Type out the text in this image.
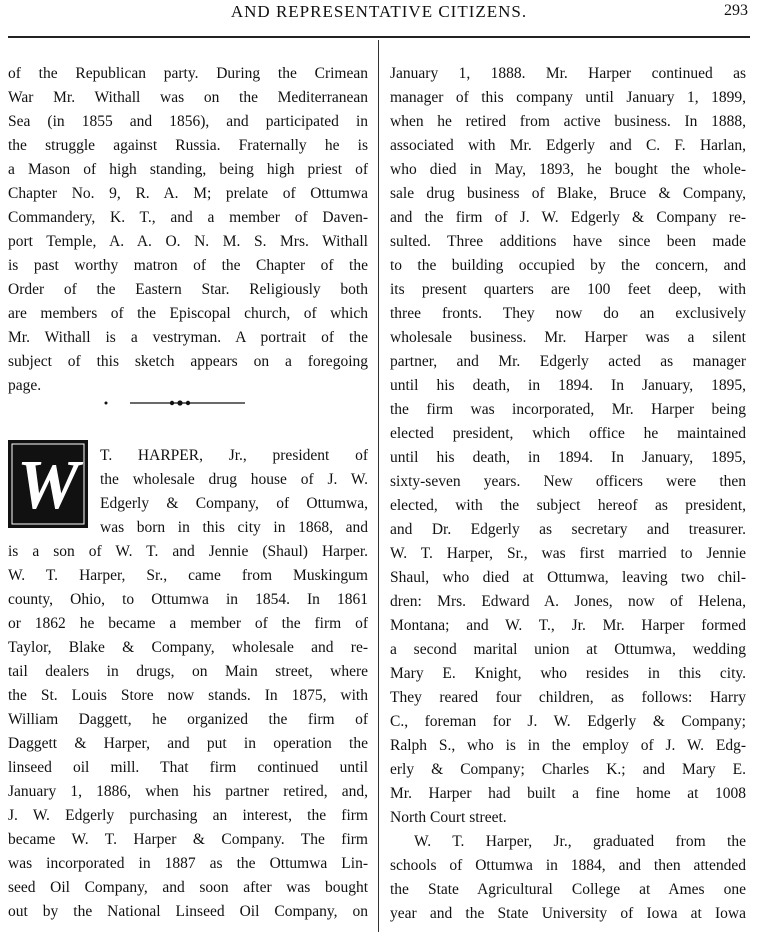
AND REPRESENTATIVE CITIZENS.	293
of the Republican party. During the Crimean
War Mr. Withall was on the Mediterranean
Sea (in 1855 and 1856), and participated in
the struggle against Russia. Fraternally he is
a Mason of high standing, being high priest of
Chapter No. 9, R. A. M; prelate of Ottumwa
Commandery, K. T., and a member of Daven-
port Temple, A. A. O. N. M. S. Mrs. Withall
is past worthy matron of the Chapter of the
Order of the Eastern Star. Religiously both
are members of the Episcopal church, of which
Mr. Withall is a vestryman. A portrait of the
subject of this sketch appears on a foregoing
page.
W	T. HARPER, Jr., president of
the wholesale drug house of J. W.
Edgerly & Company, of Ottumwa,
was born in this city in 1868, and
is a son of W. T. and Jennie (Shaul) Harper.
W. T. Harper, Sr., came from Muskingum
county, Ohio, to Ottumwa in 1854. In 1861
or 1862 he became a member of the firm of
Taylor, Blake & Company, wholesale and re-
tail dealers in drugs, on Main street, where
the St. Louis Store now stands. In 1875, with
William Daggett, he organized the firm of
Daggett & Harper, and put in operation the
linseed oil mill. That firm continued until
January 1, 1886, when his partner retired, and,
J. W. Edgerly purchasing an interest, the firm
became W. T. Harper & Company. The firm
was incorporated in 1887 as the Ottumwa Lin-
seed Oil Company, and soon after was bought
out by the National Linseed Oil Company, on
January 1, 1888. Mr. Harper continued as
manager of this company until January 1, 1899,
when he retired from active business. In 1888,
associated with Mr. Edgerly and C. F. Harlan,
who died in May, 1893, he bought the whole-
sale drug business of Blake, Bruce & Company,
and the firm of J. W. Edgerly & Company re-
sulted. Three additions have since been made
to the building occupied by the concern, and
its present quarters are 100 feet deep, with
three fronts. They now do an exclusively
wholesale business. Mr. Harper was a silent
partner, and Mr. Edgerly acted as manager
until his death, in 1894. In January, 1895,
the firm was incorporated, Mr. Harper being
elected president, which office he maintained
until his death, in 1894. In January, 1895,
sixty-seven years. New officers were then
elected, with the subject hereof as president,
and Dr. Edgerly as secretary and treasurer.
W. T. Harper, Sr., was first married to Jennie
Shaul, who died at Ottumwa, leaving two chil-
dren: Mrs. Edward A. Jones, now of Helena,
Montana; and W. T., Jr. Mr. Harper formed
a second marital union at Ottumwa, wedding
Mary E. Knight, who resides in this city.
They reared four children, as follows: Harry
C., foreman for J. W. Edgerly & Company;
Ralph S., who is in the employ of J. W. Edg-
erly & Company; Charles K.; and Mary E.
Mr. Harper had built a fine home at 1008
North Court street.
W. T. Harper, Jr., graduated from the
schools of Ottumwa in 1884, and then attended
the State Agricultural College at Ames one
year and the State University of Iowa at Iowa
